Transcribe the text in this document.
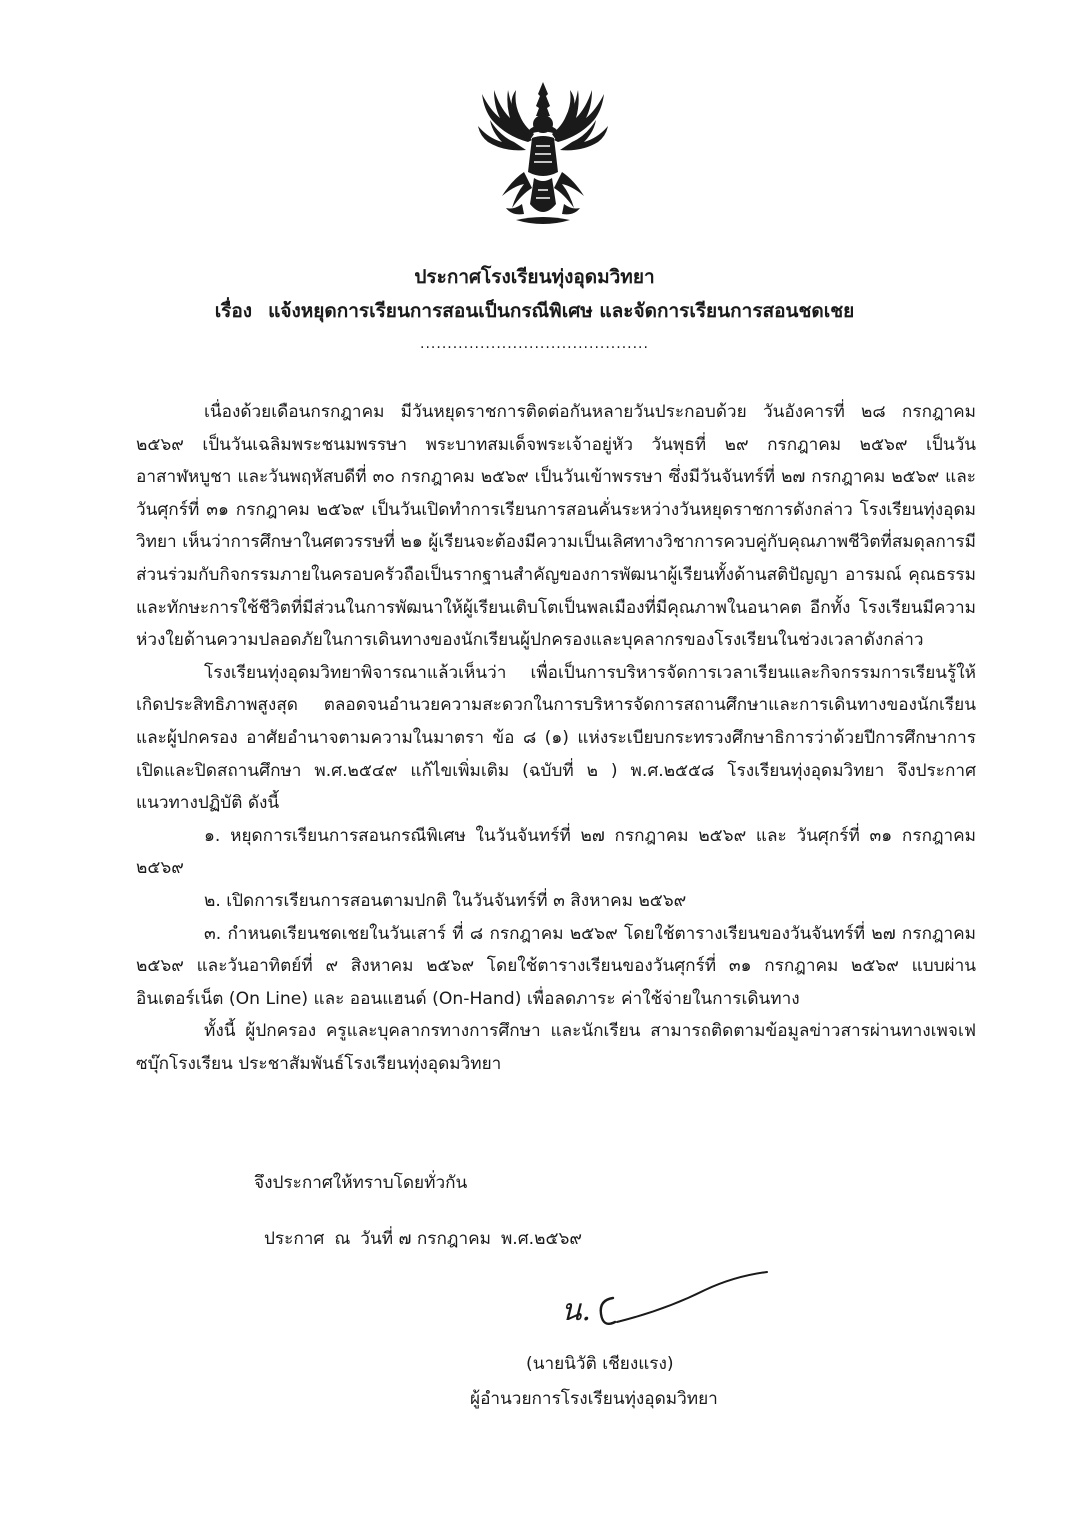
ประกาศโรงเรียนทุ่งอุดมวิทยา
เรื่อง แจ้งหยุดการเรียนการสอนเป็นกรณีพิเศษ และจัดการเรียนการสอนชดเชย
..........................................

เนื่องด้วยเดือนกรกฎาคม มีวันหยุดราชการติดต่อกันหลายวันประกอบด้วย วันอังคารที่ ๒๘ กรกฎาคม ๒๕๖๙ เป็นวันเฉลิมพระชนมพรรษา พระบาทสมเด็จพระเจ้าอยู่หัว วันพุธที่ ๒๙ กรกฎาคม ๒๕๖๙ เป็นวันอาสาฬหบูชา และวันพฤหัสบดีที่ ๓๐ กรกฎาคม ๒๕๖๙ เป็นวันเข้าพรรษา ซึ่งมีวันจันทร์ที่ ๒๗ กรกฎาคม ๒๕๖๙ และ วันศุกร์ที่ ๓๑ กรกฎาคม ๒๕๖๙ เป็นวันเปิดทำการเรียนการสอนคั่นระหว่างวันหยุดราชการดังกล่าว โรงเรียนทุ่งอุดมวิทยา เห็นว่าการศึกษาในศตวรรษที่ ๒๑ ผู้เรียนจะต้องมีความเป็นเลิศทางวิชาการควบคู่กับคุณภาพชีวิตที่สมดุลการมีส่วนร่วมกับกิจกรรมภายในครอบครัวถือเป็นรากฐานสำคัญของการพัฒนาผู้เรียนทั้งด้านสติปัญญา อารมณ์ คุณธรรม และทักษะการใช้ชีวิตที่มีส่วนในการพัฒนาให้ผู้เรียนเติบโตเป็นพลเมืองที่มีคุณภาพในอนาคต อีกทั้ง โรงเรียนมีความห่วงใยด้านความปลอดภัยในการเดินทางของนักเรียนผู้ปกครองและบุคลากรของโรงเรียนในช่วงเวลาดังกล่าว

โรงเรียนทุ่งอุดมวิทยาพิจารณาแล้วเห็นว่า เพื่อเป็นการบริหารจัดการเวลาเรียนและกิจกรรมการเรียนรู้ให้เกิดประสิทธิภาพสูงสุด ตลอดจนอำนวยความสะดวกในการบริหารจัดการสถานศึกษาและการเดินทางของนักเรียนและผู้ปกครอง อาศัยอำนาจตามความในมาตรา ข้อ ๘ (๑) แห่งระเบียบกระทรวงศึกษาธิการว่าด้วยปีการศึกษาการเปิดและปิดสถานศึกษา พ.ศ.๒๕๔๙ แก้ไขเพิ่มเติม (ฉบับที่ ๒ ) พ.ศ.๒๕๕๘ โรงเรียนทุ่งอุดมวิทยา จึงประกาศแนวทางปฏิบัติ ดังนี้

๑. หยุดการเรียนการสอนกรณีพิเศษ ในวันจันทร์ที่ ๒๗ กรกฎาคม ๒๕๖๙ และ วันศุกร์ที่ ๓๑ กรกฎาคม ๒๕๖๙

๒. เปิดการเรียนการสอนตามปกติ ในวันจันทร์ที่ ๓ สิงหาคม ๒๕๖๙

๓. กำหนดเรียนชดเชยในวันเสาร์ ที่ ๘ กรกฎาคม ๒๕๖๙ โดยใช้ตารางเรียนของวันจันทร์ที่ ๒๗ กรกฎาคม ๒๕๖๙ และวันอาทิตย์ที่ ๙ สิงหาคม ๒๕๖๙ โดยใช้ตารางเรียนของวันศุกร์ที่ ๓๑ กรกฎาคม ๒๕๖๙ แบบผ่านอินเตอร์เน็ต (On Line) และ ออนแฮนด์ (On-Hand) เพื่อลดภาระ ค่าใช้จ่ายในการเดินทาง

ทั้งนี้ ผู้ปกครอง ครูและบุคลากรทางการศึกษา และนักเรียน สามารถติดตามข้อมูลข่าวสารผ่านทางเพจเฟซบุ๊กโรงเรียน ประชาสัมพันธ์โรงเรียนทุ่งอุดมวิทยา

จึงประกาศให้ทราบโดยทั่วกัน
ประกาศ ณ วันที่ ๗ กรกฎาคม พ.ศ.๒๕๖๙
น.
(นายนิวัติ เชียงแรง)
ผู้อำนวยการโรงเรียนทุ่งอุดมวิทยา
